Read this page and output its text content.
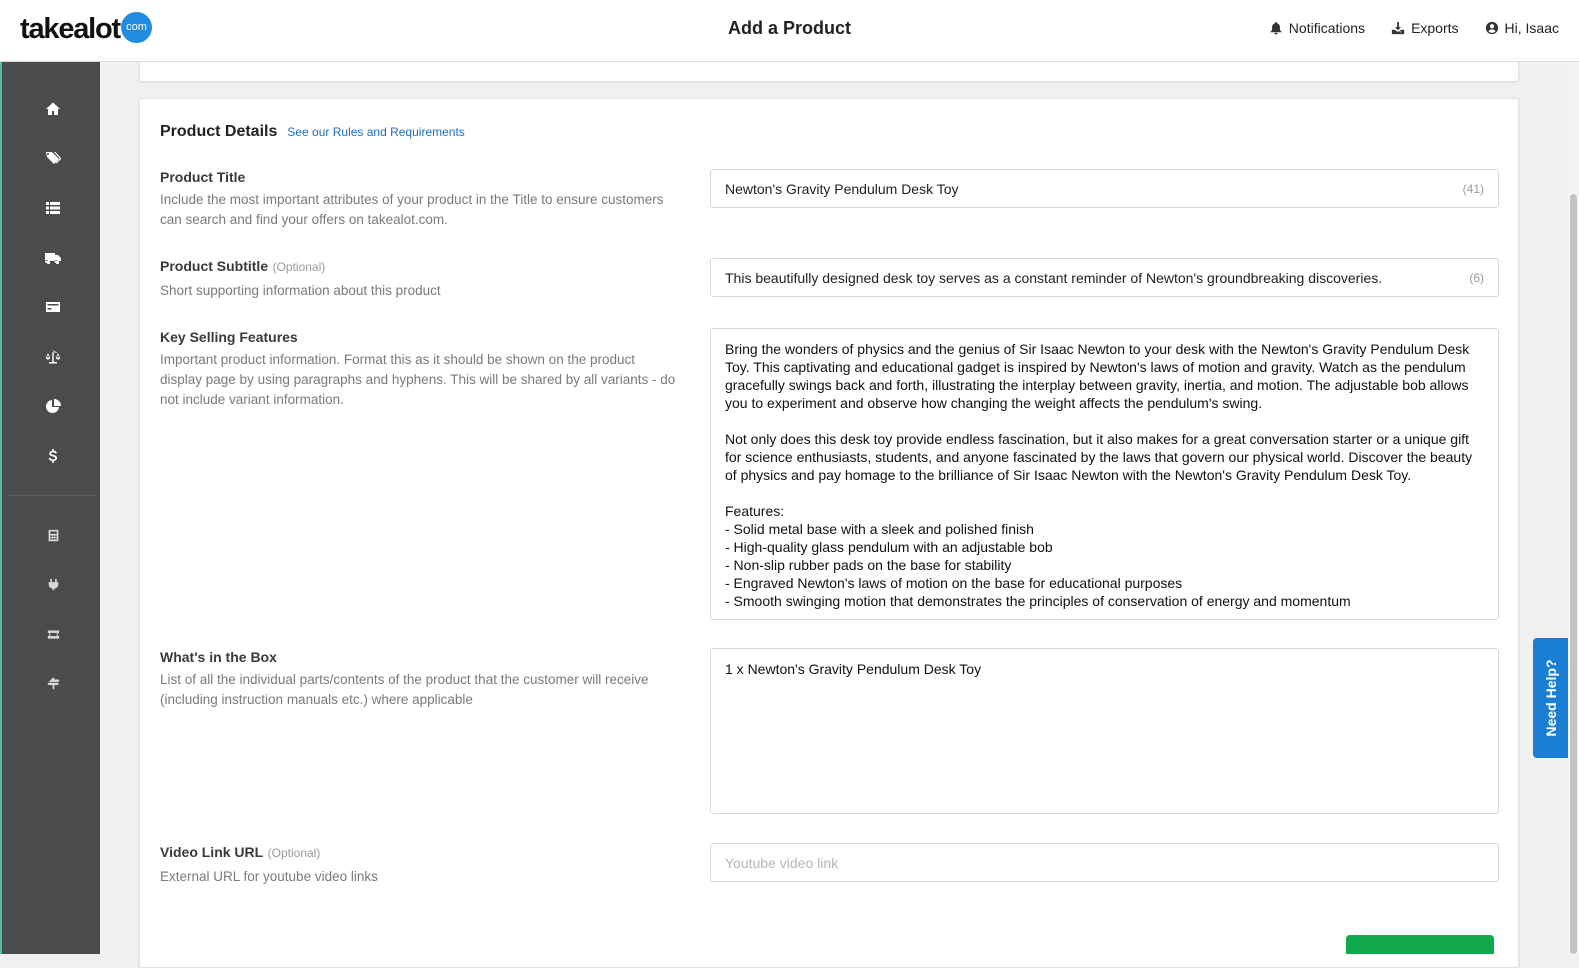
takealot com	Add a Product	Notifications	Exports	Hi, Isaac
Product Details See our Rules and Requirements
Product Title
Include the most important attributes of your product in the Title to ensure customers can search and find your offers on takealot.com.
Newton's Gravity Pendulum Desk Toy	(41)
Product Subtitle (Optional)
Short supporting information about this product
This beautifully designed desk toy serves as a constant reminder of Newton's groundbreaking discoveries.	(6)
Key Selling Features
Important product information. Format this as it should be shown on the product display page by using paragraphs and hyphens. This will be shared by all variants - do not include variant information.
Bring the wonders of physics and the genius of Sir Isaac Newton to your desk with the Newton's Gravity Pendulum Desk Toy. This captivating and educational gadget is inspired by Newton's laws of motion and gravity. Watch as the pendulum gracefully swings back and forth, illustrating the interplay between gravity, inertia, and motion. The adjustable bob allows you to experiment and observe how changing the weight affects the pendulum's swing.

Not only does this desk toy provide endless fascination, but it also makes for a great conversation starter or a unique gift for science enthusiasts, students, and anyone fascinated by the laws that govern our physical world. Discover the beauty of physics and pay homage to the brilliance of Sir Isaac Newton with the Newton's Gravity Pendulum Desk Toy.

Features:
- Solid metal base with a sleek and polished finish
- High-quality glass pendulum with an adjustable bob
- Non-slip rubber pads on the base for stability
- Engraved Newton's laws of motion on the base for educational purposes
- Smooth swinging motion that demonstrates the principles of conservation of energy and momentum
What's in the Box
List of all the individual parts/contents of the product that the customer will receive (including instruction manuals etc.) where applicable
1 x Newton's Gravity Pendulum Desk Toy
Video Link URL (Optional)
External URL for youtube video links
Youtube video link
Need Help?
